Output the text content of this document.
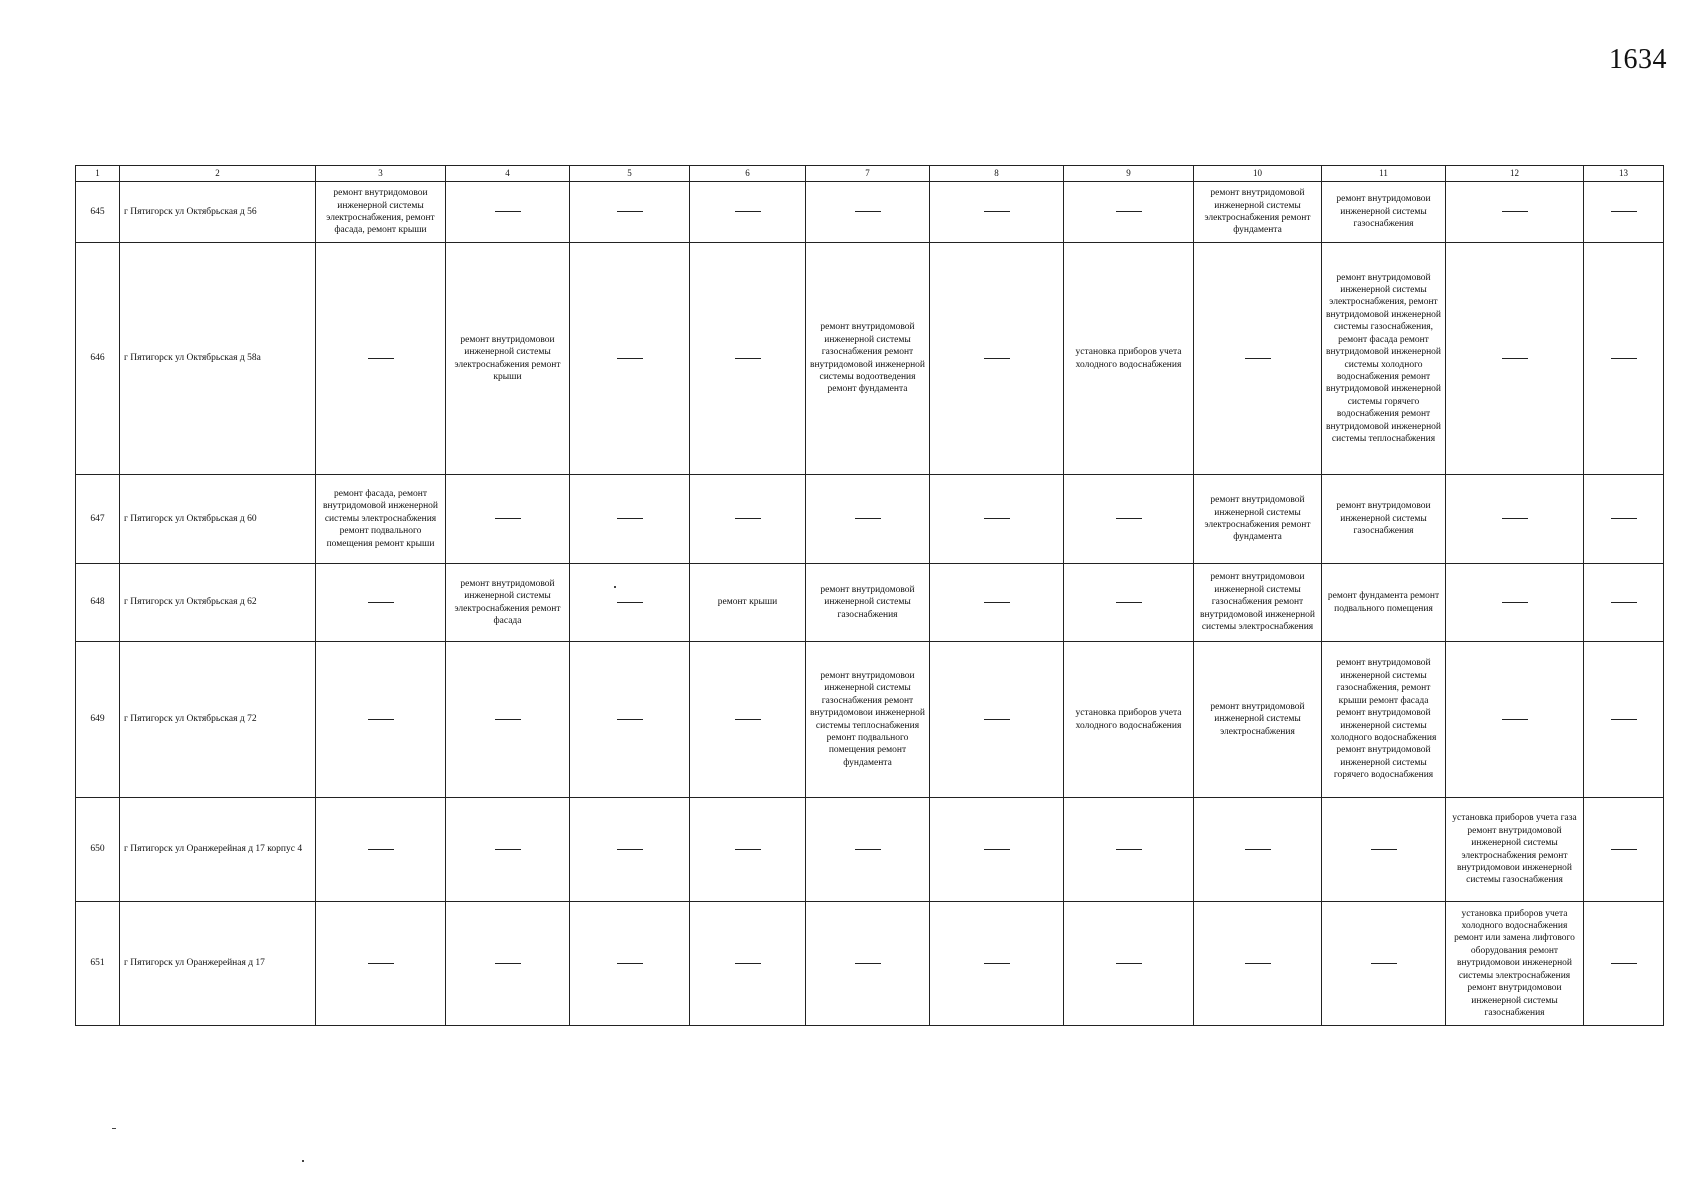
1634
1	2	3	4	5	6	7	8	9	10	11	12	13
645	г Пятигорск ул Октябрьская д 56	ремонт внутридомовои инженерной системы электроснабжения, ремонт фасада, ремонт крыши							ремонт внутридомовой инженерной системы электроснабжения ремонт фундамента	ремонт внутридомовои инженерной системы газоснабжения		
646	г Пятигорск ул Октябрьская д 58а		ремонт внутридомовои инженерной системы электроснабжения ремонт крыши			ремонт внутридомовой инженерной системы газоснабжения ремонт внутридомовой инженерной системы водоотведения ремонт фундамента		установка приборов учета холодного водоснабжения		ремонт внутридомовой инженерной системы электроснабжения, ремонт внутридомовой инженерной системы газоснабжения, ремонт фасада ремонт внутридомовой инженерной системы холодного водоснабжения ремонт внутридомовой инженерной системы горячего водоснабжения ремонт внутридомовой инженерной системы теплоснабжения		
647	г Пятигорск ул Октябрьская д 60	ремонт фасада, ремонт внутридомовой инженерной системы электроснабжения ремонт подвального помещения ремонт крыши							ремонт внутридомовой инженерной системы электроснабжения ремонт фундамента	ремонт внутридомовои инженерной системы газоснабжения		
648	г Пятигорск ул Октябрьская д 62		ремонт внутридомовой инженерной системы электроснабжения ремонт фасада		ремонт крыши	ремонт внутридомовой инженерной системы газоснабжения			ремонт внутридомовои инженерной системы газоснабжения ремонт внутридомовой инженерной системы электроснабжения	ремонт фундамента ремонт подвального помещения		
649	г Пятигорск ул Октябрьская д 72					ремонт внутридомовои инженерной системы газоснабжения ремонт внутридомовои инженерной системы теплоснабжения ремонт подвального помещения ремонт фундамента		установка приборов учета холодного водоснабжения	ремонт внутридомовой инженерной системы электроснабжения	ремонт внутридомовой инженерной системы газоснабжения, ремонт крыши ремонт фасада ремонт внутридомовой инженерной системы холодного водоснабжения ремонт внутридомовой инженерной системы горячего водоснабжения		
650	г Пятигорск ул Оранжерейная д 17 корпус 4										установка приборов учета газа ремонт внутридомовой инженерной системы электроснабжения ремонт внутридомовои инженерной системы газоснабжения	
651	г Пятигорск ул Оранжерейная д 17										установка приборов учета холодного водоснабжения ремонт или замена лифтового оборудования ремонт внутридомовои инженерной системы электроснабжения ремонт внутридомовои инженерной системы газоснабжения	
